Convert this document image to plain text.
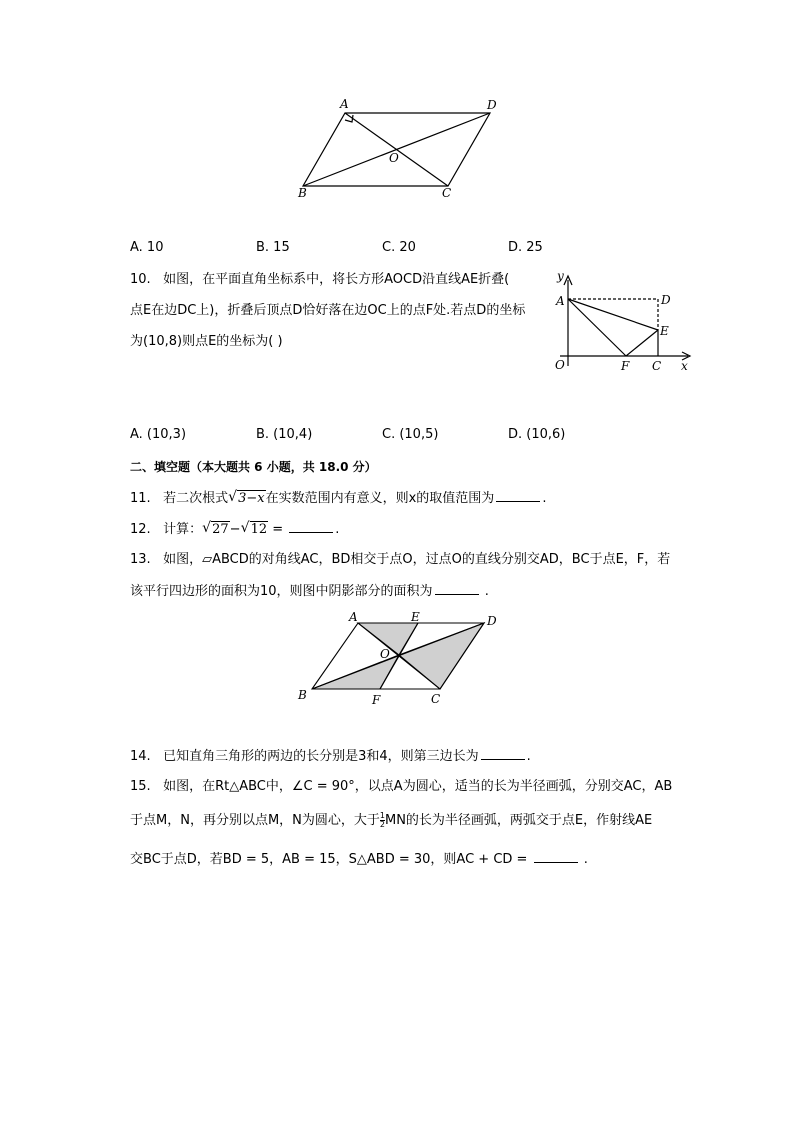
A	D
O
B	C
A. 10	B. 15	C. 20	D. 25
10. 如图，在平面直角坐标系中，将长方形AOCD沿直线AE折叠(
点E在边DC上)，折叠后顶点D恰好落在边OC上的点F处.若点D的坐标
为(10,8)则点E的坐标为( )
y
A	D
E
O	F C x
A. (10,3)	B. (10,4)	C. (10,5)	D. (10,6)
二、填空题（本大题共 6 小题，共 18.0 分）
11. 若二次根式 √ 3−x在实数范围内有意义，则x的取值范围为	.
12. 计算： √ 27− √ 12 =	.
13. 如图，▱ABCD的对角线AC，BD相交于点O，过点O的直线分别交AD，BC于点E，F，若
该平行四边形的面积为10，则图中阴影部分的面积为	.
A	E	D
O
B	F	C
14. 已知直角三角形的两边的长分别是3和4，则第三边长为	.
15. 如图，在Rt△ABC中，∠C = 90°，以点A为圆心，适当的长为半径画弧，分别交AC，AB
于点M，N，再分别以点M，N为圆心，大于 $\frac{1}{2}$ MN的长为半径画弧，两弧交于点E，作射线AE
交BC于点D，若BD = 5，AB = 15，S△ABD = 30，则AC + CD =	.
